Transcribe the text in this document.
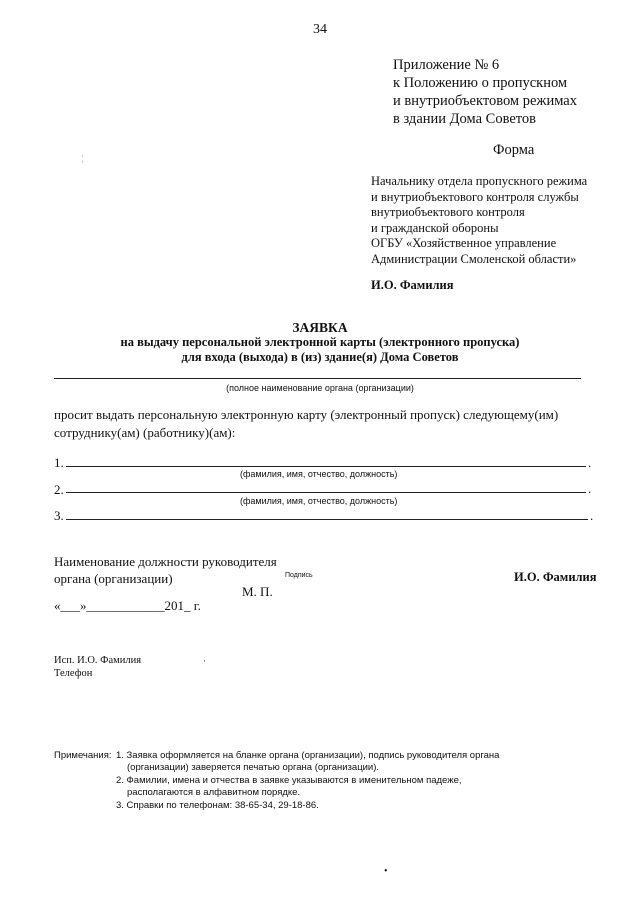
34
Приложение № 6
к Положению о пропускном
и внутриобъектовом режимах
в здании Дома Советов
Форма
¦
Начальнику отдела пропускного режима
и внутриобъектового контроля службы
внутриобъектового контроля
и гражданской обороны
ОГБУ «Хозяйственное управление
Администрации Смоленской области»
И.О. Фамилия
ЗАЯВКА
на выдачу персональной электронной карты (электронного пропуска)
для входа (выхода) в (из) здание(я) Дома Советов
(полное наименование органа (организации)
просит выдать персональную электронную карту (электронный пропуск) следующему(им)
сотруднику(ам) (работнику)(ам):
1.	.
(фамилия, имя, отчество, должность)
2.	.
(фамилия, имя, отчество, должность)
3.	.
Наименование должности руководителя
органа (организации)	Подпись	И.О. Фамилия
М. П.
«___»____________201_ г.
Исп. И.О. Фамилия
Телефон
·
Примечания: 1. Заявка оформляется на бланке органа (организации), подпись руководителя органа
(организации) заверяется печатью органа (организации).
2. Фамилии, имена и отчества в заявке указываются в именительном падеже,
располагаются в алфавитном порядке.
3. Справки по телефонам: 38-65-34, 29-18-86.
•
